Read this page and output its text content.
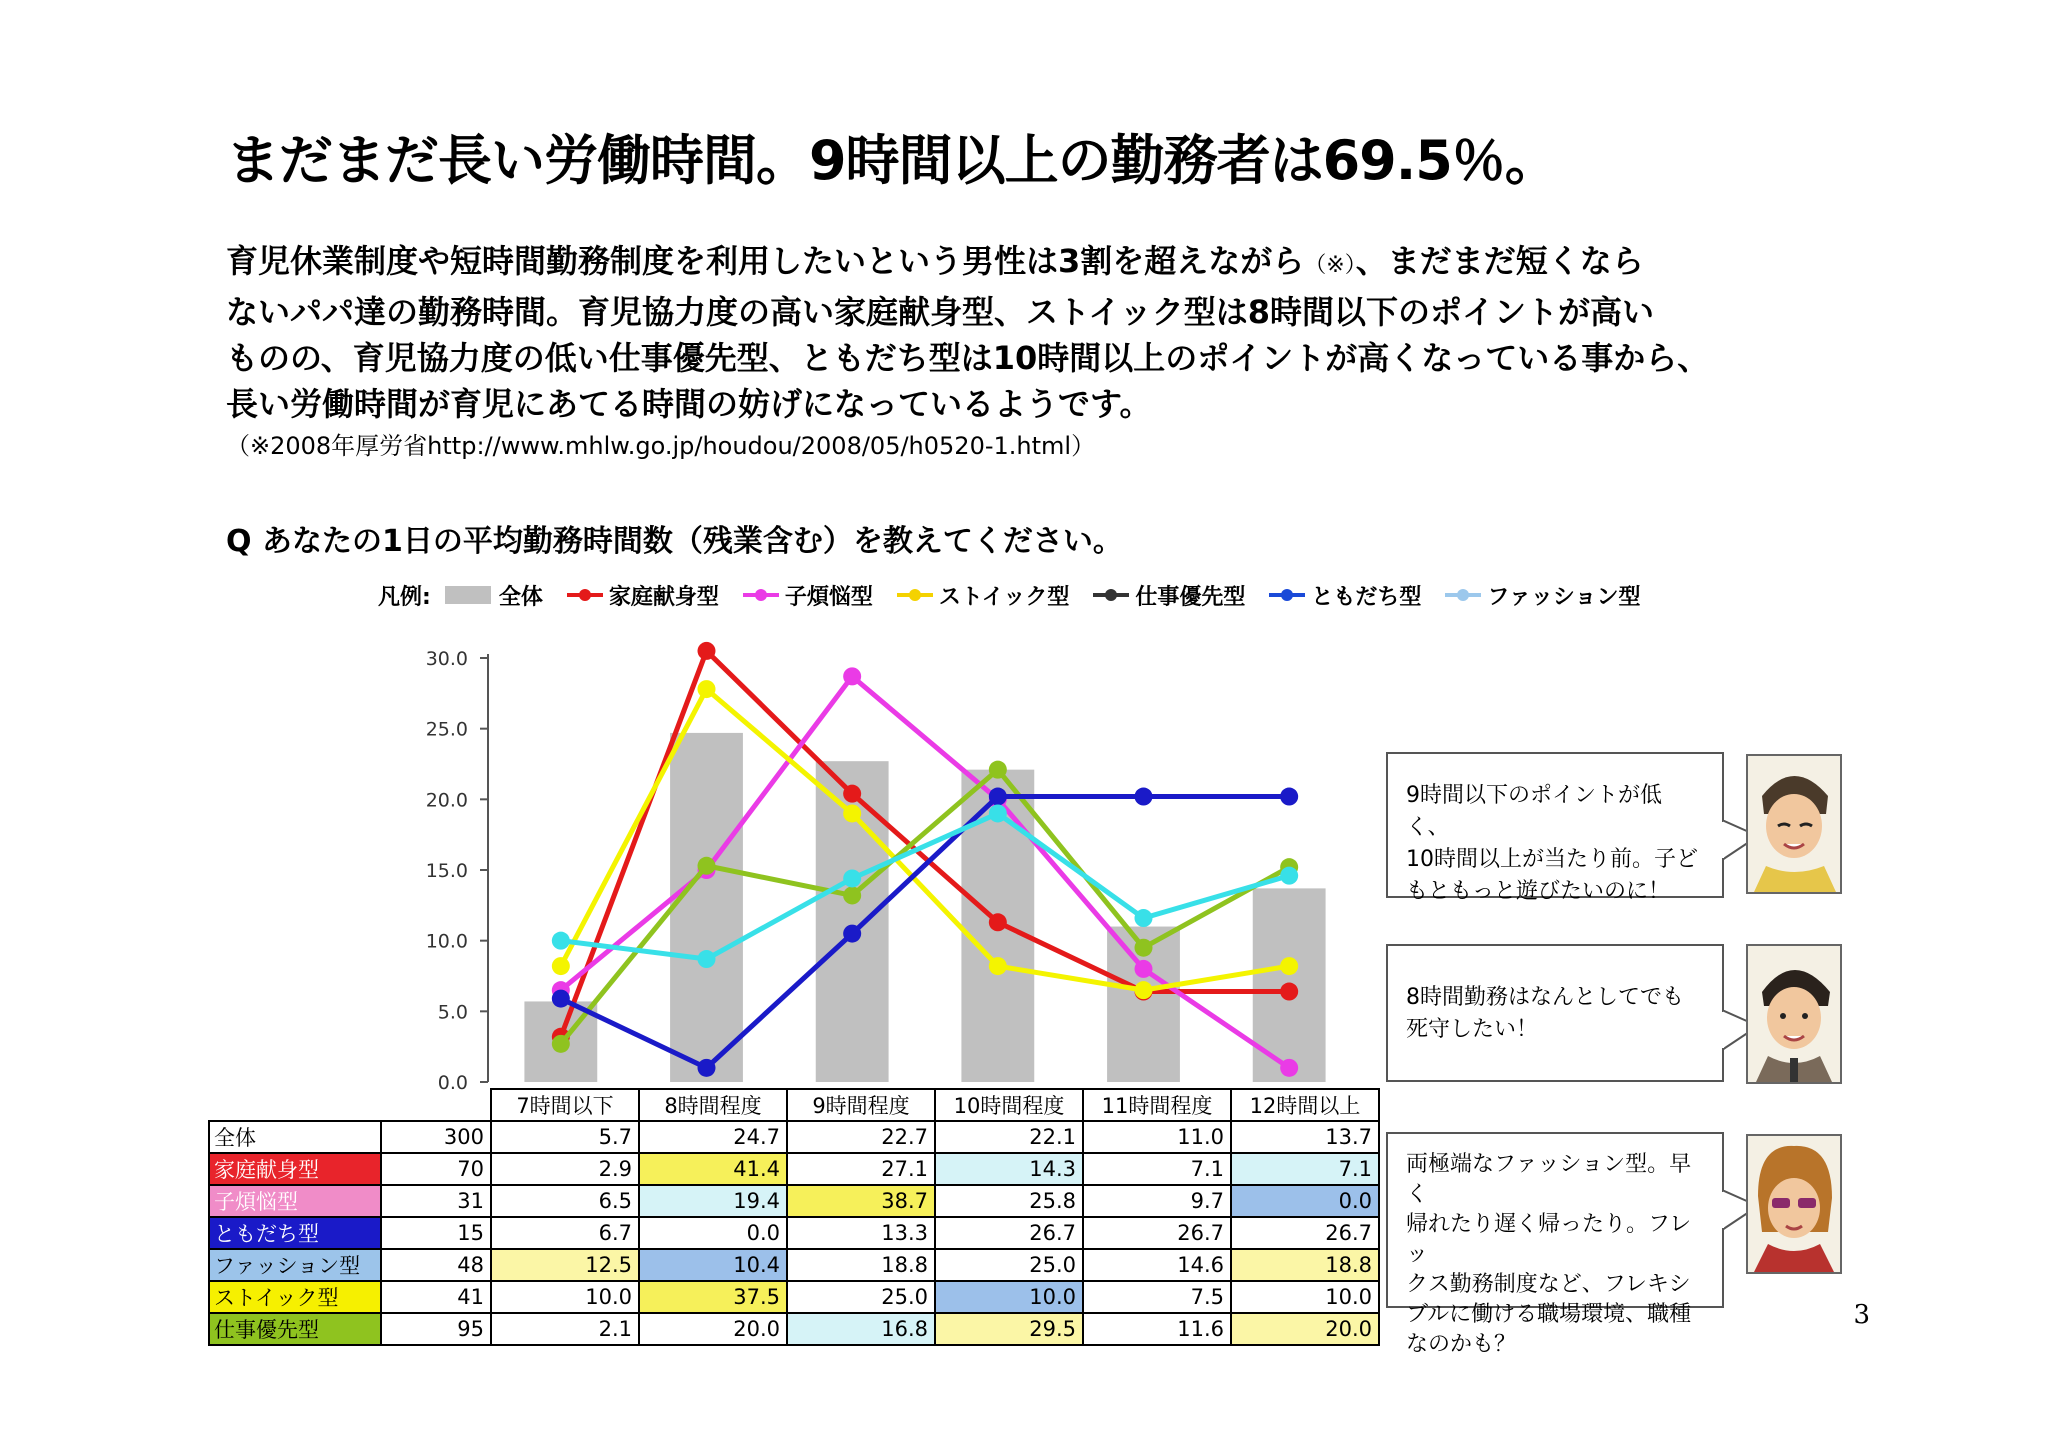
まだまだ長い労働時間。9時間以上の勤務者は69.5％。
育児休業制度や短時間勤務制度を利用したいという男性は3割を超えながら（※）、まだまだ短くなら
ないパパ達の勤務時間。育児協力度の高い家庭献身型、ストイック型は8時間以下のポイントが高い
ものの、育児協力度の低い仕事優先型、ともだち型は10時間以上のポイントが高くなっている事から、
長い労働時間が育児にあてる時間の妨げになっているようです。
（※2008年厚労省http://www.mhlw.go.jp/houdou/2008/05/h0520-1.html）
Q あなたの1日の平均勤務時間数（残業含む）を教えてください。
凡例:	全体	家庭献身型	子煩悩型	ストイック型	仕事優先型	ともだち型	ファッション型
0.0
5.0
10.0
15.0
20.0
25.0
30.0
		7時間以下	8時間程度	9時間程度	10時間程度	11時間程度	12時間以上
全体	300	5.7	24.7	22.7	22.1	11.0	13.7
家庭献身型	70	2.9	41.4	27.1	14.3	7.1	7.1
子煩悩型	31	6.5	19.4	38.7	25.8	9.7	0.0
ともだち型	15	6.7	0.0	13.3	26.7	26.7	26.7
ファッション型	48	12.5	10.4	18.8	25.0	14.6	18.8
ストイック型	41	10.0	37.5	25.0	10.0	7.5	10.0
仕事優先型	95	2.1	20.0	16.8	29.5	11.6	20.0
9時間以下のポイントが低く、
10時間以上が当たり前。子ど
もともっと遊びたいのに！
8時間勤務はなんとしてでも
死守したい！
両極端なファッション型。早く
帰れたり遅く帰ったり。フレッ
クス勤務制度など、フレキシ
ブルに働ける職場環境、職種
なのかも？
3
